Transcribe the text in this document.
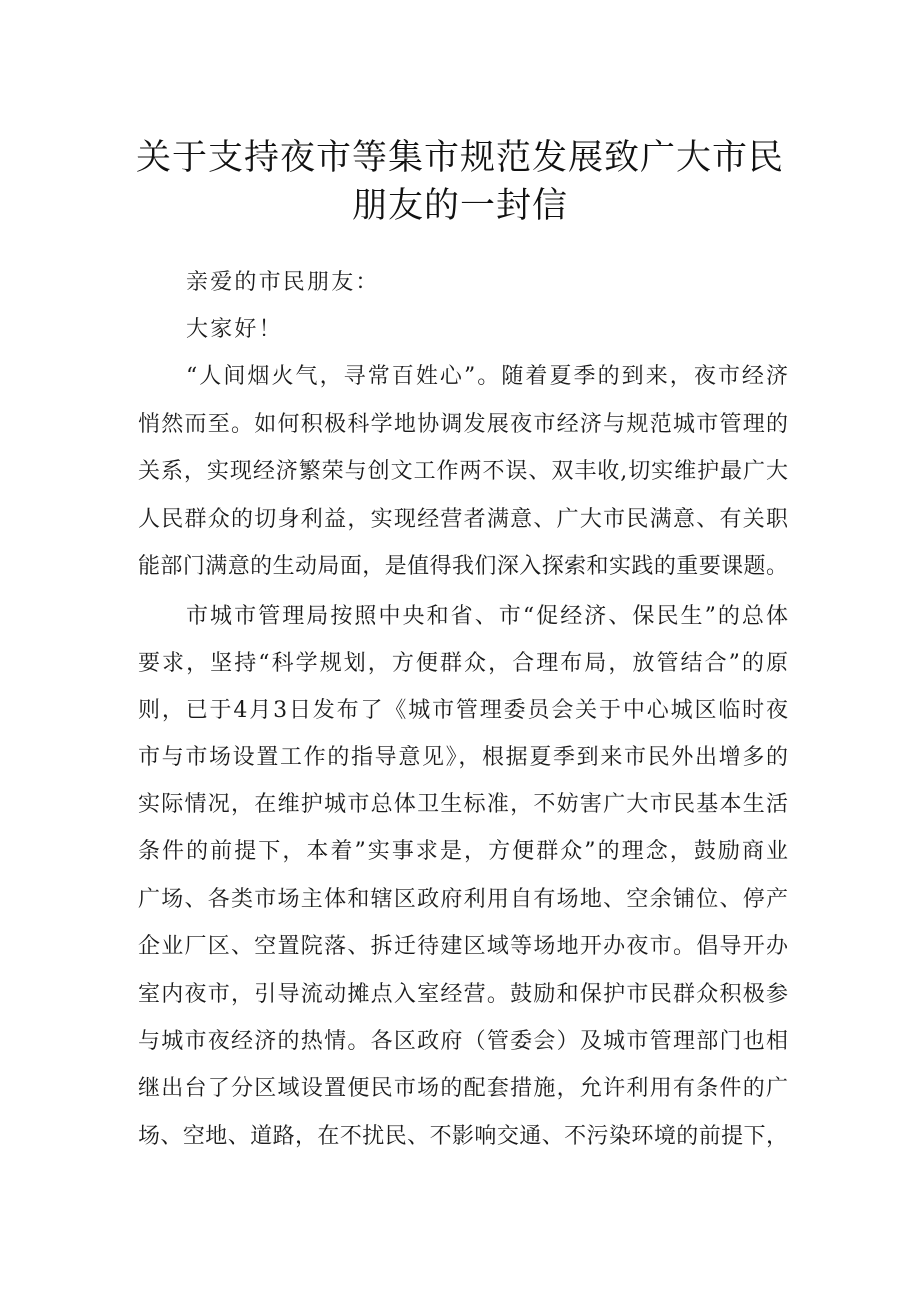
关于支持夜市等集市规范发展致广大市民
朋友的一封信
亲爱的市民朋友：
大家好！
“人间烟火气，寻常百姓心”。随着夏季的到来，夜市经济
悄然而至。如何积极科学地协调发展夜市经济与规范城市管理的
关系，实现经济繁荣与创文工作两不误、双丰收,切实维护最广大
人民群众的切身利益，实现经营者满意、广大市民满意、有关职
能部门满意的生动局面，是值得我们深入探索和实践的重要课题。
市城市管理局按照中央和省、市“促经济、保民生”的总体
要求，坚持“科学规划，方便群众，合理布局，放管结合”的原
则，已于4月3日发布了《城市管理委员会关于中心城区临时夜
市与市场设置工作的指导意见》，根据夏季到来市民外出增多的
实际情况，在维护城市总体卫生标准，不妨害广大市民基本生活
条件的前提下，本着”实事求是，方便群众”的理念，鼓励商业
广场、各类市场主体和辖区政府利用自有场地、空余铺位、停产
企业厂区、空置院落、拆迁待建区域等场地开办夜市。倡导开办
室内夜市，引导流动摊点入室经营。鼓励和保护市民群众积极参
与城市夜经济的热情。各区政府（管委会）及城市管理部门也相
继出台了分区域设置便民市场的配套措施，允许利用有条件的广
场、空地、道路，在不扰民、不影响交通、不污染环境的前提下，
